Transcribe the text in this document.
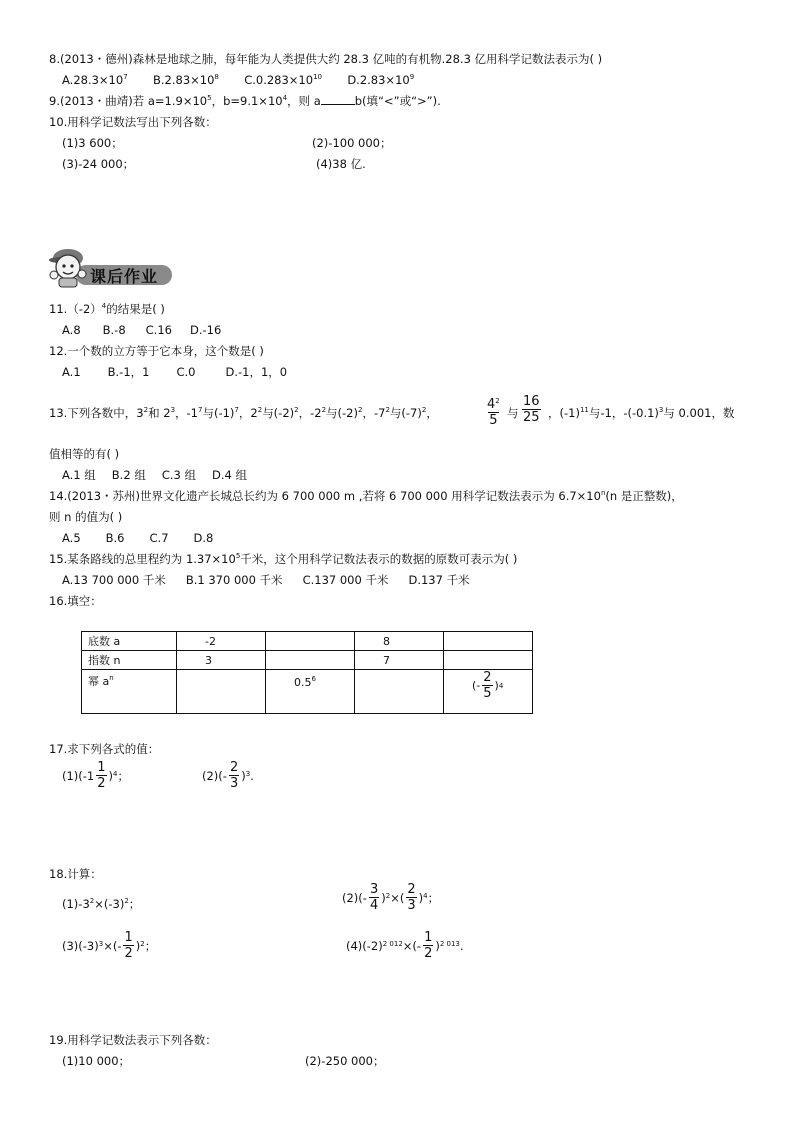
8.(2013・德州)森林是地球之肺，每年能为人类提供大约 28.3 亿吨的有机物.28.3 亿用科学记数法表示为( )
$A.28.3\times 10^7$ $B.2.83\times 10^8$ $C.0.283\times 10^{10}$ $D.2.83\times 10^9$
9.(2013・曲靖)若 $a=1.9\times 10^5$，$b=9.1\times 10^4$，则 a	b(填“<”或“>”).
10.用科学记数法写出下列各数：
(1)3 600；	(2)-100 000；
(3)-24 000；	(4)38 亿.
课后作业
$11.(-2)^4$的结果是( )
A.8 B.-8 C.16 D.-16
12.一个数的立方等于它本身，这个数是( )
A.1 B.-1，1 C.0	D.-1，1，0
13.下列各数中，$3^2$和 $2^3$，$-1^7$与$(-1)^7$，$2^2$与$(-2)^2$，$-2^2$与$(-2)^2$，$-7^2$与$(-7)^2$，	$\frac{4^2}{5}$ 与 $\frac{16}{25}$ ，$(-1)^{11}$与-1，$-(-0.1)^3$与 0.001，数
值相等的有( )
A.1 组 B.2 组 C.3 组 D.4 组
14.(2013・苏州)世界文化遗产长城总长约为 6 700 000 m ,若将 6 700 000 用科学记数法表示为 $6.7\times 10^n(n$ 是正整数)，
则 n 的值为( )
A.5 B.6 C.7 D.8
15.某条路线的总里程约为 $1.37\times 10^5$千米，这个用科学记数法表示的数据的原数可表示为( )
A.13 700 000 千米 B.1 370 000 千米 C.137 000 千米 D.137 千米
16.填空：
底数 a	-2		8	
指数 n	3		7	
幂 $a^n$		$0.5^6$		(- $\frac{2}{5}$ ) 4
17.求下列各式的值：
$(1)(-1 \frac{1}{2}$ ) 4 ；	$(2)(- \frac{2}{3}$ ) 3 .
18.计算：
$(1)-3^2\times(-3)^2$；	$(2)(- \frac{3}{4}$ ) 2 ×( $\frac{2}{3}$ ) 4 ；
(3)(-3) 3 ×(- $\frac{1}{2}$ ) 2 ；	(4)(-2) 2 012 ×(- $\frac{1}{2}$ ) 2 013 .
19.用科学记数法表示下列各数：
(1)10 000；	(2)-250 000；
